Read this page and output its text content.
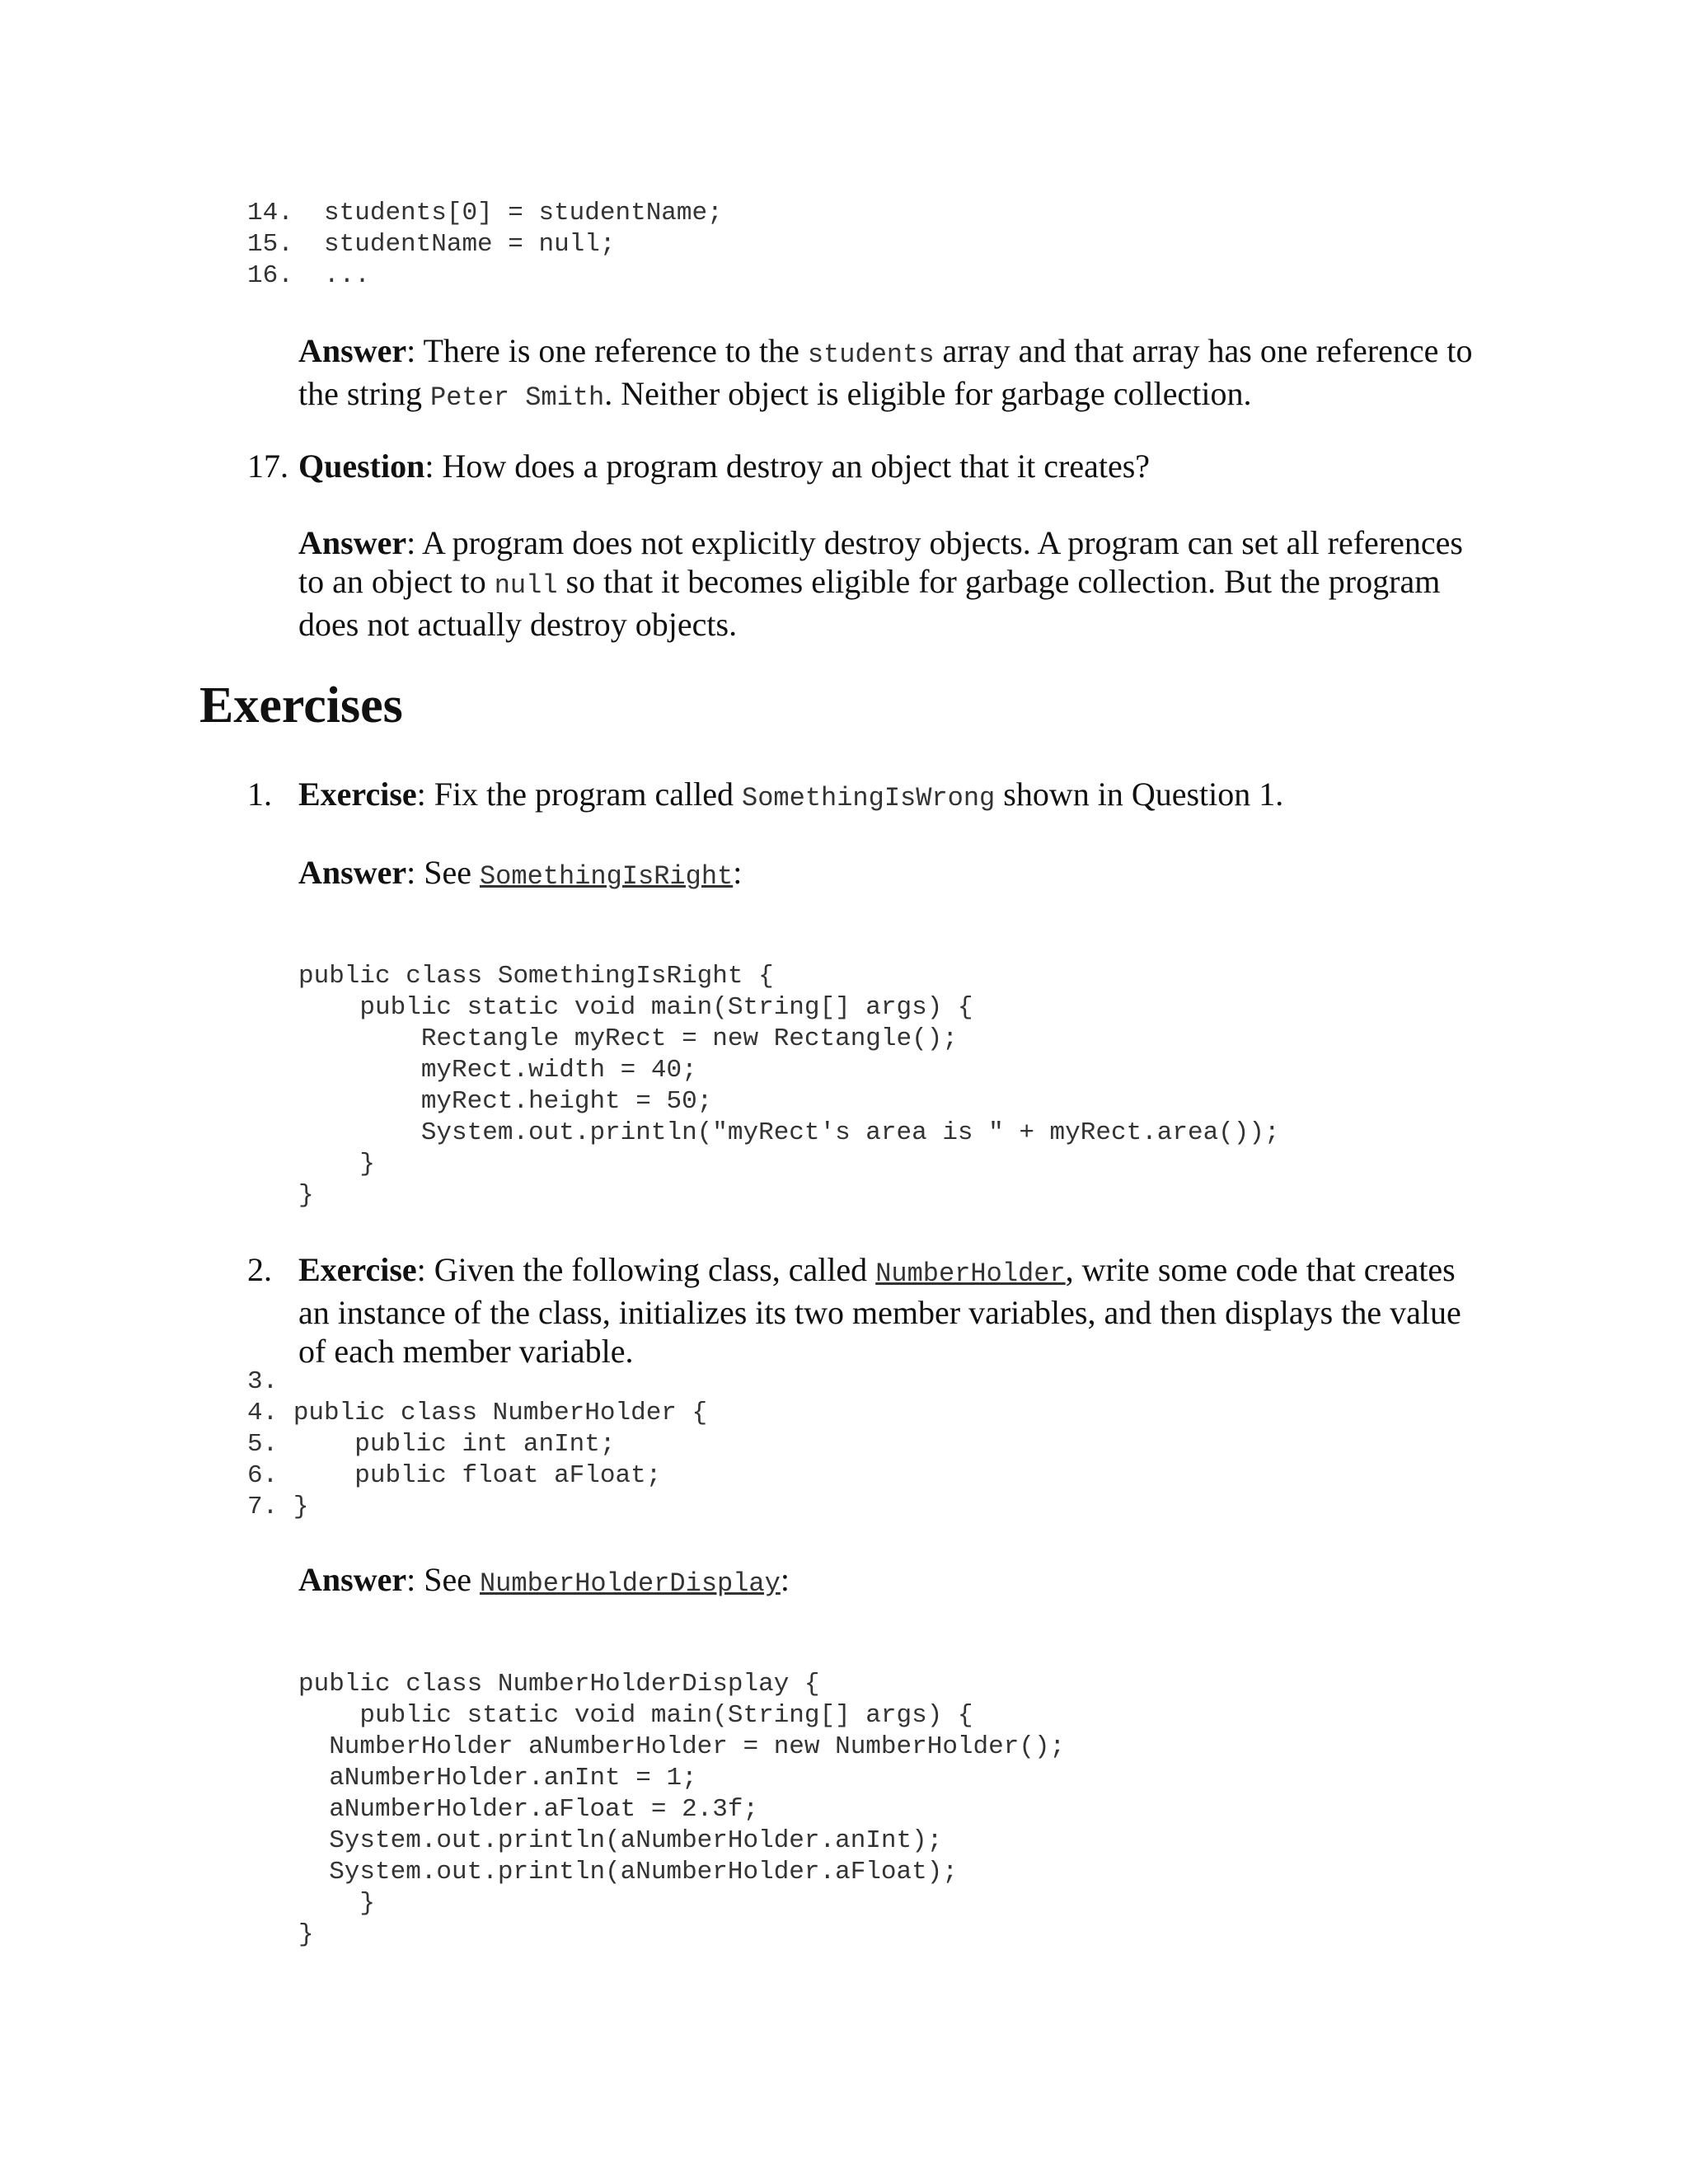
14. students[0] = studentName;
15. studentName = null;
16. ...
Answer: There is one reference to the students array and that array has one reference to the string Peter Smith. Neither object is eligible for garbage collection.
17. Question: How does a program destroy an object that it creates?
Answer: A program does not explicitly destroy objects. A program can set all references to an object to null so that it becomes eligible for garbage collection. But the program does not actually destroy objects.
Exercises
1. Exercise: Fix the program called SomethingIsWrong shown in Question 1.
Answer: See SomethingIsRight:
public class SomethingIsRight {
public static void main(String[] args) {
Rectangle myRect = new Rectangle();
myRect.width = 40;
myRect.height = 50;
System.out.println("myRect's area is " + myRect.area());
}
}
2. Exercise: Given the following class, called NumberHolder, write some code that creates an instance of the class, initializes its two member variables, and then displays the value of each member variable.
3.
4. public class NumberHolder {
5.     public int anInt;
6.     public float aFloat;
7. }
Answer: See NumberHolderDisplay:
public class NumberHolderDisplay {
public static void main(String[] args) {
NumberHolder aNumberHolder = new NumberHolder();
aNumberHolder.anInt = 1;
aNumberHolder.aFloat = 2.3f;
System.out.println(aNumberHolder.anInt);
System.out.println(aNumberHolder.aFloat);
}
}
